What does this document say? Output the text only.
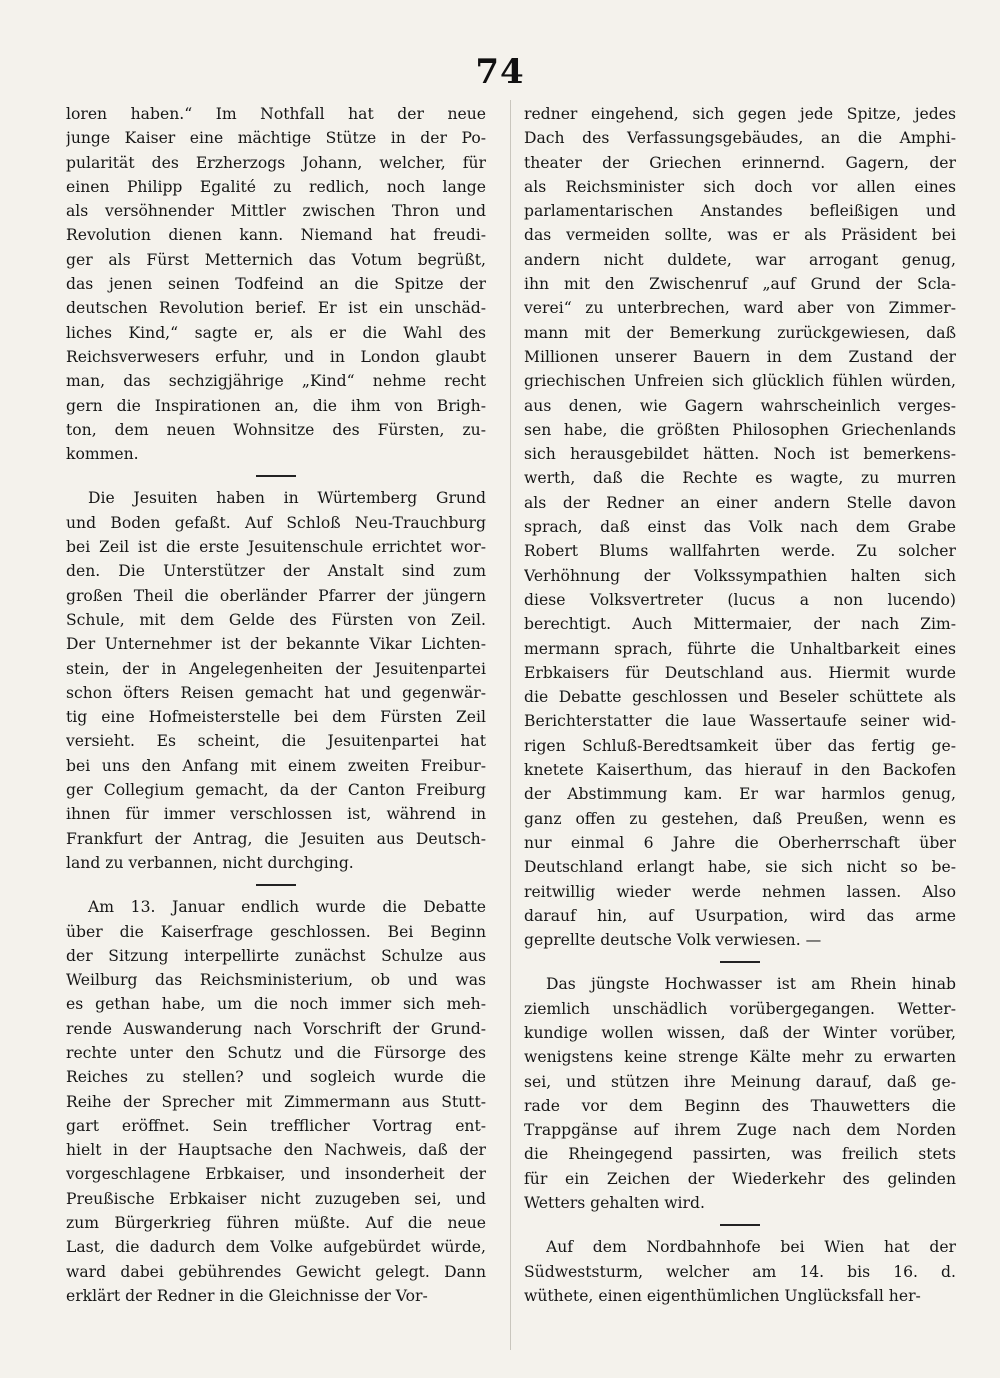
74
loren haben.“ Im Nothfall hat der neue
junge Kaiser eine mächtige Stütze in der Po-
pularität des Erzherzogs Johann, welcher, für
einen Philipp Egalité zu redlich, noch lange
als versöhnender Mittler zwischen Thron und
Revolution dienen kann. Niemand hat freudi-
ger als Fürst Metternich das Votum begrüßt,
das jenen seinen Todfeind an die Spitze der
deutschen Revolution berief. Er ist ein unschäd-
liches Kind,“ sagte er, als er die Wahl des
Reichsverwesers erfuhr, und in London glaubt
man, das sechzigjährige „Kind“ nehme recht
gern die Inspirationen an, die ihm von Brigh-
ton, dem neuen Wohnsitze des Fürsten, zu-
kommen.
Die Jesuiten haben in Würtemberg Grund
und Boden gefaßt. Auf Schloß Neu-Trauchburg
bei Zeil ist die erste Jesuitenschule errichtet wor-
den. Die Unterstützer der Anstalt sind zum
großen Theil die oberländer Pfarrer der jüngern
Schule, mit dem Gelde des Fürsten von Zeil.
Der Unternehmer ist der bekannte Vikar Lichten-
stein, der in Angelegenheiten der Jesuitenpartei
schon öfters Reisen gemacht hat und gegenwär-
tig eine Hofmeisterstelle bei dem Fürsten Zeil
versieht. Es scheint, die Jesuitenpartei hat
bei uns den Anfang mit einem zweiten Freibur-
ger Collegium gemacht, da der Canton Freiburg
ihnen für immer verschlossen ist, während in
Frankfurt der Antrag, die Jesuiten aus Deutsch-
land zu verbannen, nicht durchging.
Am 13. Januar endlich wurde die Debatte
über die Kaiserfrage geschlossen. Bei Beginn
der Sitzung interpellirte zunächst Schulze aus
Weilburg das Reichsministerium, ob und was
es gethan habe, um die noch immer sich meh-
rende Auswanderung nach Vorschrift der Grund-
rechte unter den Schutz und die Fürsorge des
Reiches zu stellen? und sogleich wurde die
Reihe der Sprecher mit Zimmermann aus Stutt-
gart eröffnet. Sein trefflicher Vortrag ent-
hielt in der Hauptsache den Nachweis, daß der
vorgeschlagene Erbkaiser, und insonderheit der
Preußische Erbkaiser nicht zuzugeben sei, und
zum Bürgerkrieg führen müßte. Auf die neue
Last, die dadurch dem Volke aufgebürdet würde,
ward dabei gebührendes Gewicht gelegt. Dann
erklärt der Redner in die Gleichnisse der Vor-
redner eingehend, sich gegen jede Spitze, jedes
Dach des Verfassungsgebäudes, an die Amphi-
theater der Griechen erinnernd. Gagern, der
als Reichsminister sich doch vor allen eines
parlamentarischen Anstandes befleißigen und
das vermeiden sollte, was er als Präsident bei
andern nicht duldete, war arrogant genug,
ihn mit den Zwischenruf „auf Grund der Scla-
verei“ zu unterbrechen, ward aber von Zimmer-
mann mit der Bemerkung zurückgewiesen, daß
Millionen unserer Bauern in dem Zustand der
griechischen Unfreien sich glücklich fühlen würden,
aus denen, wie Gagern wahrscheinlich verges-
sen habe, die größten Philosophen Griechenlands
sich herausgebildet hätten. Noch ist bemerkens-
werth, daß die Rechte es wagte, zu murren
als der Redner an einer andern Stelle davon
sprach, daß einst das Volk nach dem Grabe
Robert Blums wallfahrten werde. Zu solcher
Verhöhnung der Volkssympathien halten sich
diese Volksvertreter (lucus a non lucendo)
berechtigt. Auch Mittermaier, der nach Zim-
mermann sprach, führte die Unhaltbarkeit eines
Erbkaisers für Deutschland aus. Hiermit wurde
die Debatte geschlossen und Beseler schüttete als
Berichterstatter die laue Wassertaufe seiner wid-
rigen Schluß-Beredtsamkeit über das fertig ge-
knetete Kaiserthum, das hierauf in den Backofen
der Abstimmung kam. Er war harmlos genug,
ganz offen zu gestehen, daß Preußen, wenn es
nur einmal 6 Jahre die Oberherrschaft über
Deutschland erlangt habe, sie sich nicht so be-
reitwillig wieder werde nehmen lassen. Also
darauf hin, auf Usurpation, wird das arme
geprellte deutsche Volk verwiesen. —
Das jüngste Hochwasser ist am Rhein hinab
ziemlich unschädlich vorübergegangen. Wetter-
kundige wollen wissen, daß der Winter vorüber,
wenigstens keine strenge Kälte mehr zu erwarten
sei, und stützen ihre Meinung darauf, daß ge-
rade vor dem Beginn des Thauwetters die
Trappgänse auf ihrem Zuge nach dem Norden
die Rheingegend passirten, was freilich stets
für ein Zeichen der Wiederkehr des gelinden
Wetters gehalten wird.
Auf dem Nordbahnhofe bei Wien hat der
Südweststurm, welcher am 14. bis 16. d.
wüthete, einen eigenthümlichen Unglücksfall her-
